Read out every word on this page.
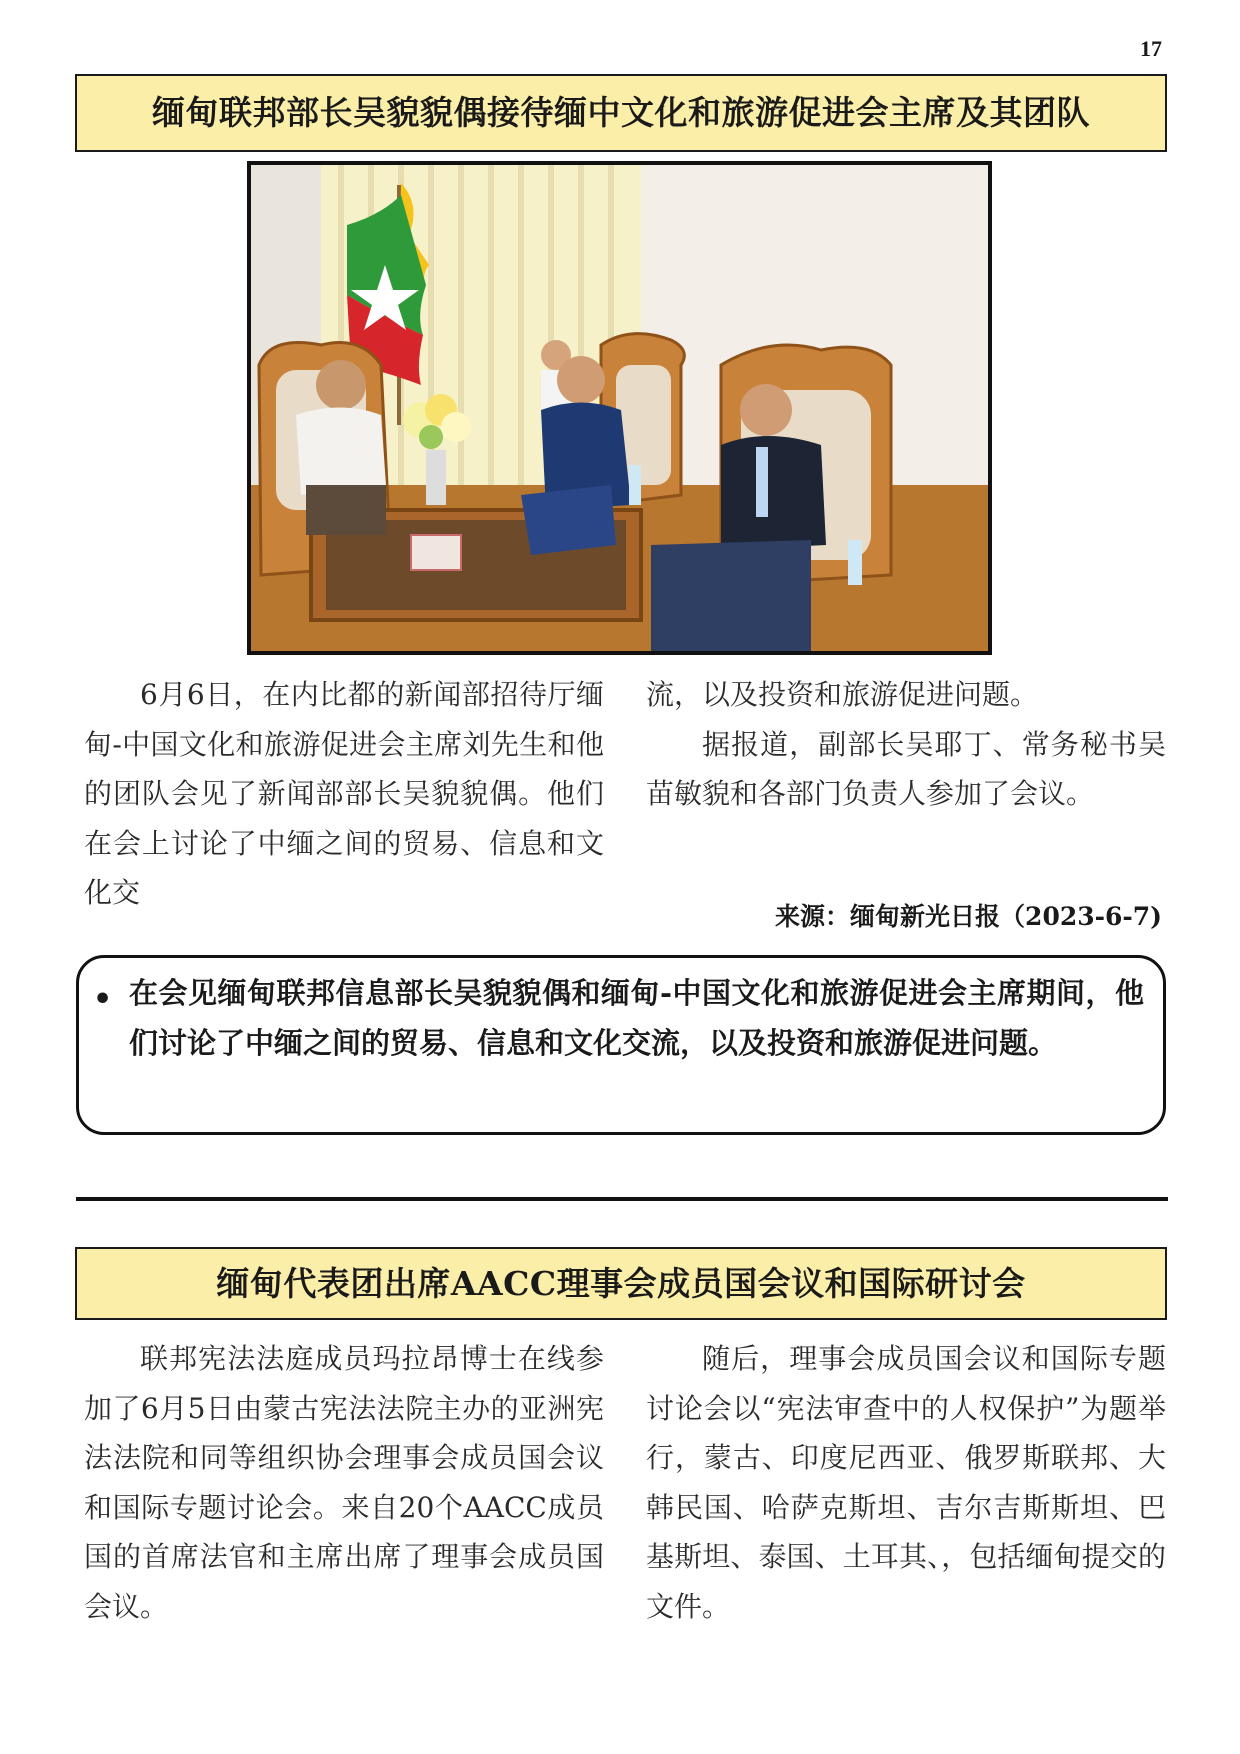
17
缅甸联邦部长吴貌貌偶接待缅中文化和旅游促进会主席及其团队

6月6日，在内比都的新闻部招待厅缅甸-中国文化和旅游促进会主席刘先生和他的团队会见了新闻部部长吴貌貌偶。他们在会上讨论了中缅之间的贸易、信息和文化交

流，以及投资和旅游促进问题。

据报道，副部长吴耶丁、常务秘书吴苗敏貌和各部门负责人参加了会议。

来源：缅甸新光日报（2023-6-7)
• 在会见缅甸联邦信息部长吴貌貌偶和缅甸-中国文化和旅游促进会主席期间，他们讨论了中缅之间的贸易、信息和文化交流，以及投资和旅游促进问题。
缅甸代表团出席AACC理事会成员国会议和国际研讨会

联邦宪法法庭成员玛拉昂博士在线参加了6月5日由蒙古宪法法院主办的亚洲宪法法院和同等组织协会理事会成员国会议和国际专题讨论会。来自20个AACC成员国的首席法官和主席出席了理事会成员国会议。

随后，理事会成员国会议和国际专题讨论会以“宪法审查中的人权保护”为题举行，蒙古、印度尼西亚、俄罗斯联邦、大韩民国、哈萨克斯坦、吉尔吉斯斯坦、巴基斯坦、泰国、土耳其、，包括缅甸提交的文件。
